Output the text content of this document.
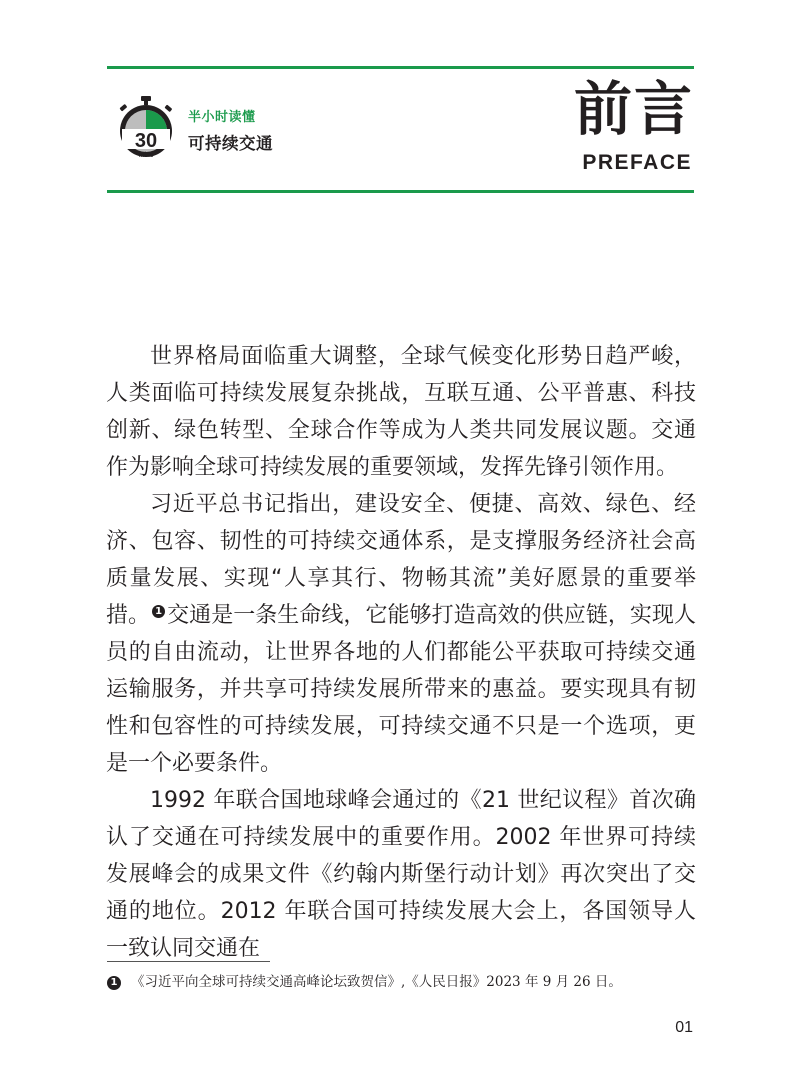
30
mins
半小时读懂
可持续交通
前言
PREFACE

世界格局面临重大调整，全球气候变化形势日趋严峻，人类面临可持续发展复杂挑战，互联互通、公平普惠、科技创新、绿色转型、全球合作等成为人类共同发展议题。交通作为影响全球可持续发展的重要领域，发挥先锋引领作用。

习近平总书记指出，建设安全、便捷、高效、绿色、经济、包容、韧性的可持续交通体系，是支撑服务经济社会高质量发展、实现“人享其行、物畅其流”美好愿景的重要举措。 1 交通是一条生命线，它能够打造高效的供应链，实现人员的自由流动，让世界各地的人们都能公平获取可持续交通运输服务，并共享可持续发展所带来的惠益。要实现具有韧性和包容性的可持续发展，可持续交通不只是一个选项，更是一个必要条件。

1992 年联合国地球峰会通过的《21 世纪议程》首次确认了交通在可持续发展中的重要作用。2002 年世界可持续发展峰会的成果文件《约翰内斯堡行动计划》再次突出了交通的地位。2012 年联合国可持续发展大会上，各国领导人一致认同交通在

1 《习近平向全球可持续交通高峰论坛致贺信》,《人民日报》2023 年 9 月 26 日。
01
